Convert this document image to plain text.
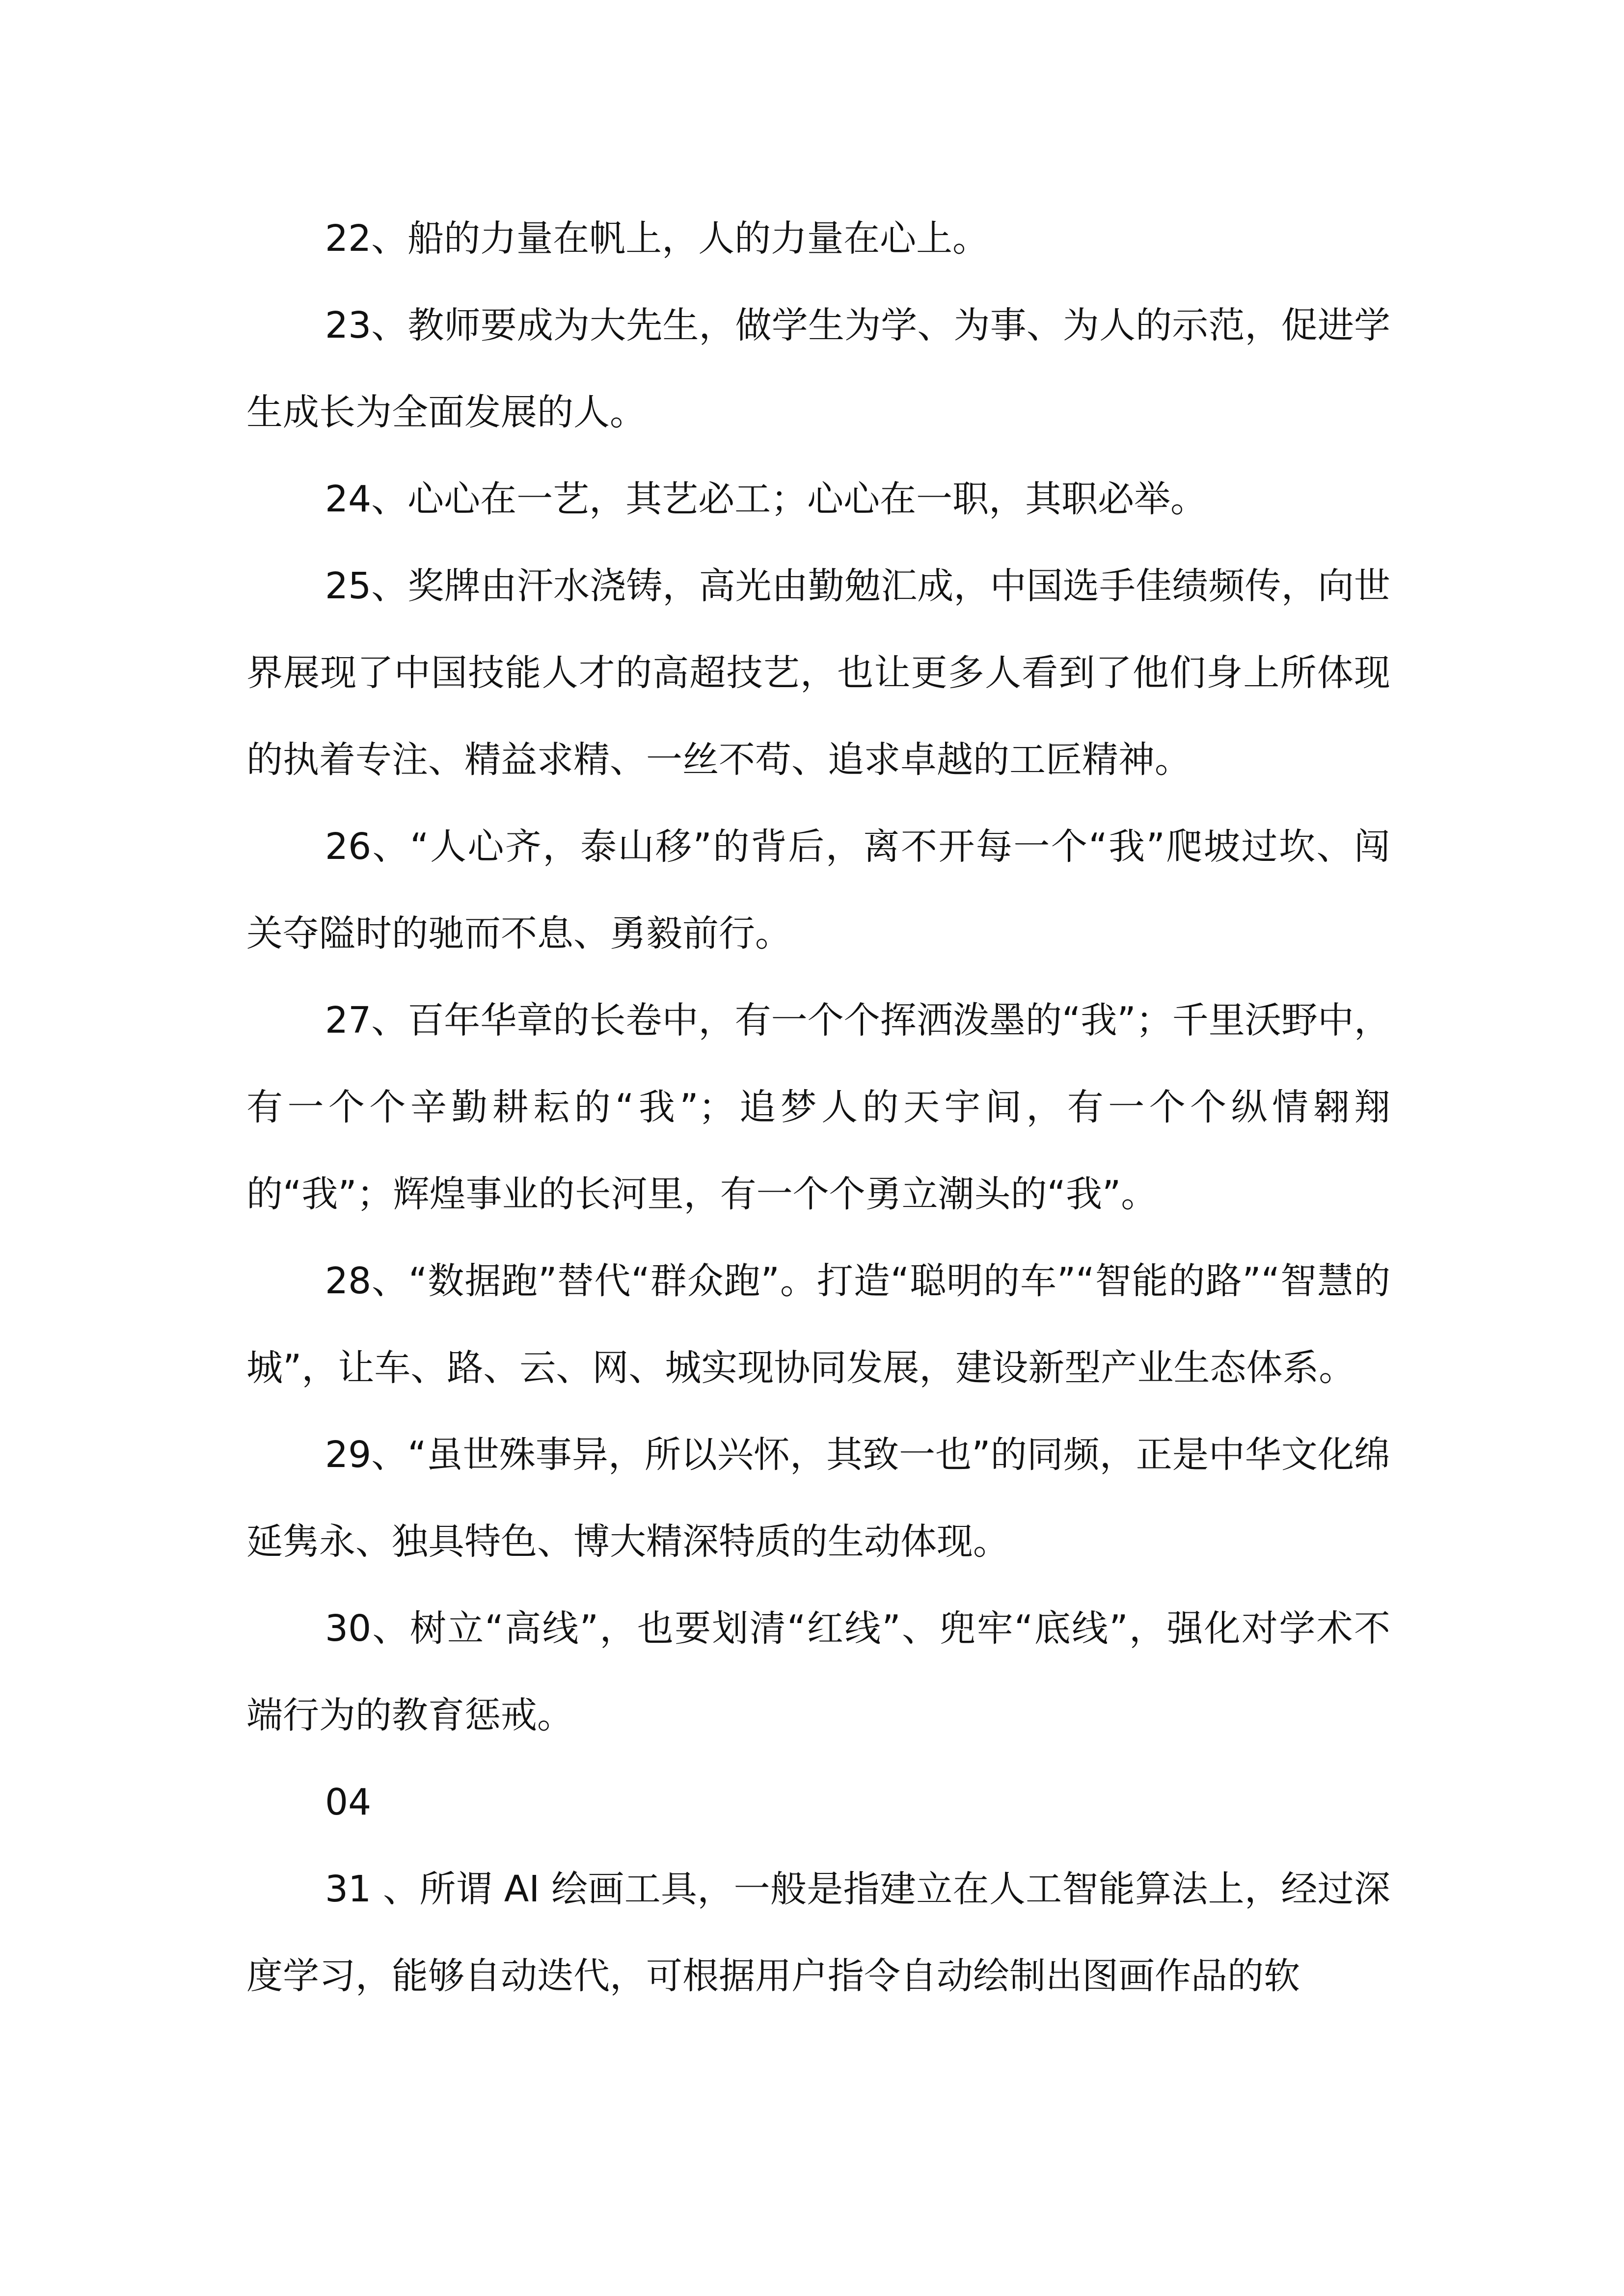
22、船的力量在帆上，人的力量在心上。

23、教师要成为大先生，做学生为学、为事、为人的示范，促进学生成长为全面发展的人。

24、心心在一艺，其艺必工；心心在一职，其职必举。

25、奖牌由汗水浇铸，高光由勤勉汇成，中国选手佳绩频传，向世界展现了中国技能人才的高超技艺，也让更多人看到了他们身上所体现的执着专注、精益求精、一丝不苟、追求卓越的工匠精神。

26、“人心齐，泰山移”的背后，离不开每一个“我”爬坡过坎、闯关夺隘时的驰而不息、勇毅前行。

27、百年华章的长卷中，有一个个挥洒泼墨的“我”；千里沃野中，有一个个辛勤耕耘的“我”；追梦人的天宇间，有一个个纵情翱翔的“我”；辉煌事业的长河里，有一个个勇立潮头的“我”。

28、“数据跑”替代“群众跑”。打造“聪明的车”“智能的路”“智慧的城”，让车、路、云、网、城实现协同发展，建设新型产业生态体系。

29、“虽世殊事异，所以兴怀，其致一也”的同频，正是中华文化绵延隽永、独具特色、博大精深特质的生动体现。

30、树立“高线”，也要划清“红线”、兜牢“底线”，强化对学术不端行为的教育惩戒。

04

31 、所谓 AI 绘画工具，一般是指建立在人工智能算法上，经过深度学习，能够自动迭代，可根据用户指令自动绘制出图画作品的软
